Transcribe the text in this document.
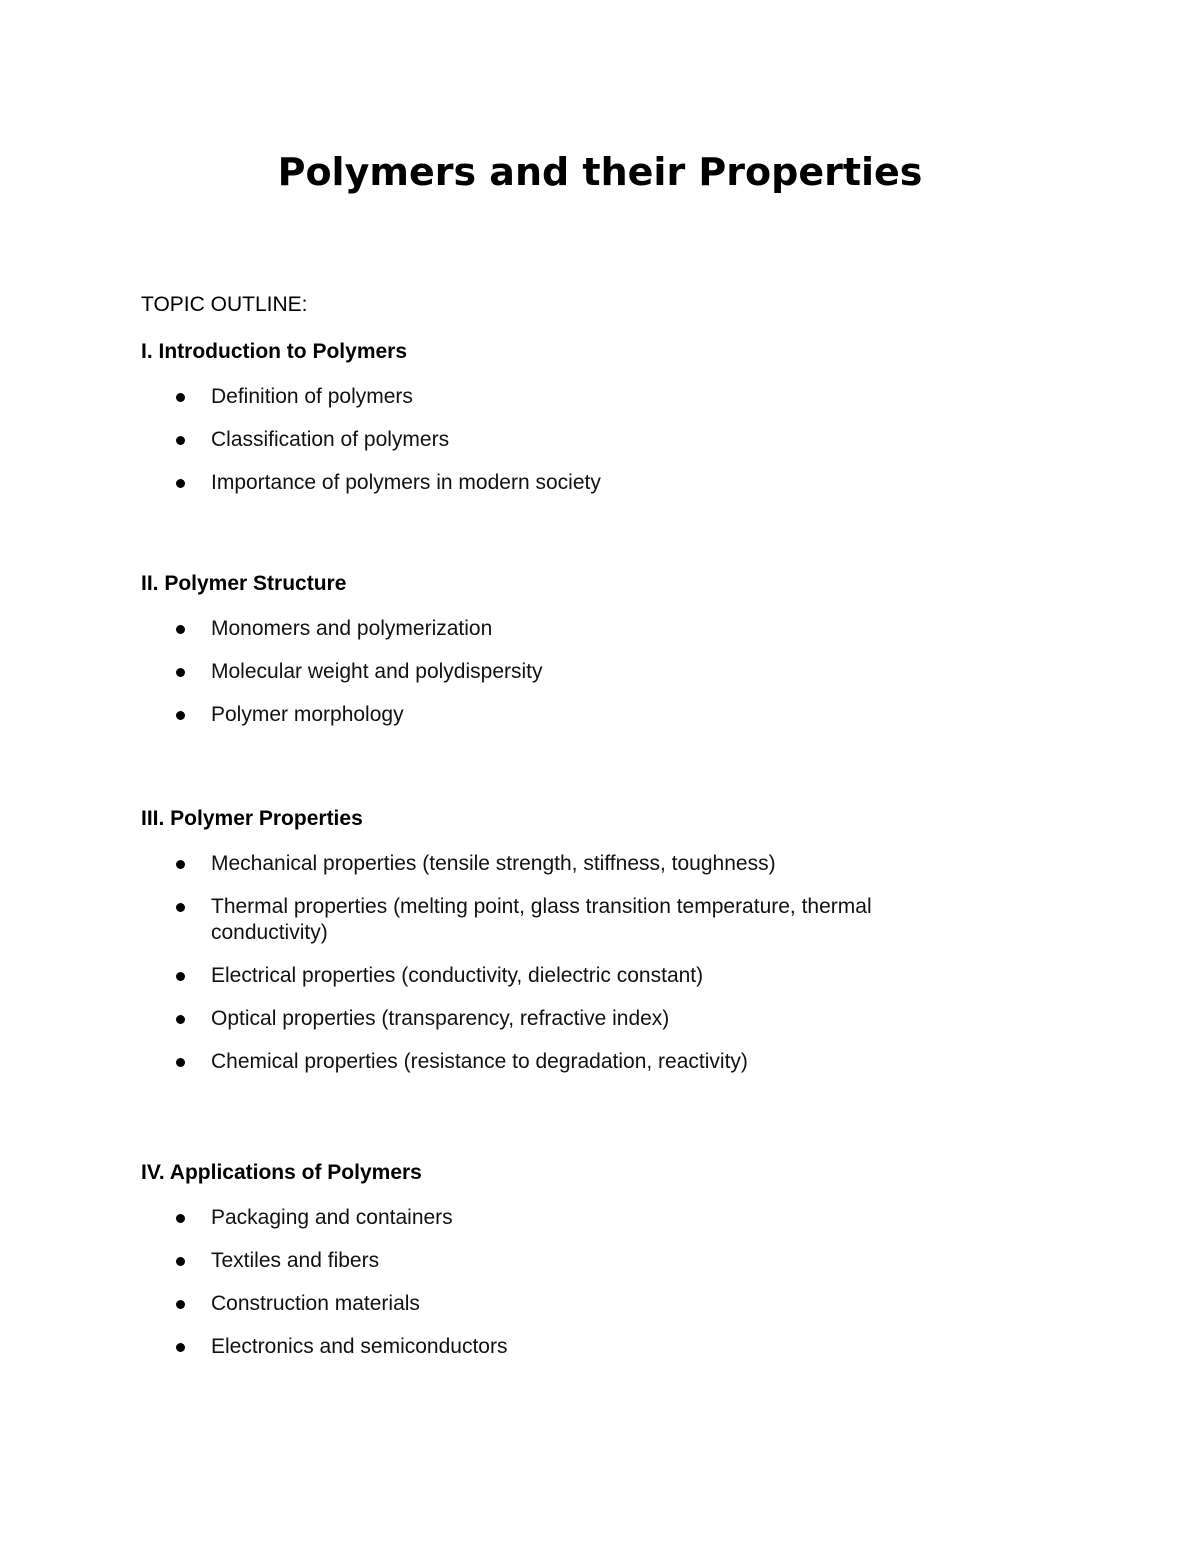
Polymers and their Properties

TOPIC OUTLINE:

I. Introduction to Polymers
Definition of polymers
Classification of polymers
Importance of polymers in modern society
II. Polymer Structure
Monomers and polymerization
Molecular weight and polydispersity
Polymer morphology
III. Polymer Properties
Mechanical properties (tensile strength, stiffness, toughness)
Thermal properties (melting point, glass transition temperature, thermal conductivity)
Electrical properties (conductivity, dielectric constant)
Optical properties (transparency, refractive index)
Chemical properties (resistance to degradation, reactivity)
IV. Applications of Polymers
Packaging and containers
Textiles and fibers
Construction materials
Electronics and semiconductors
